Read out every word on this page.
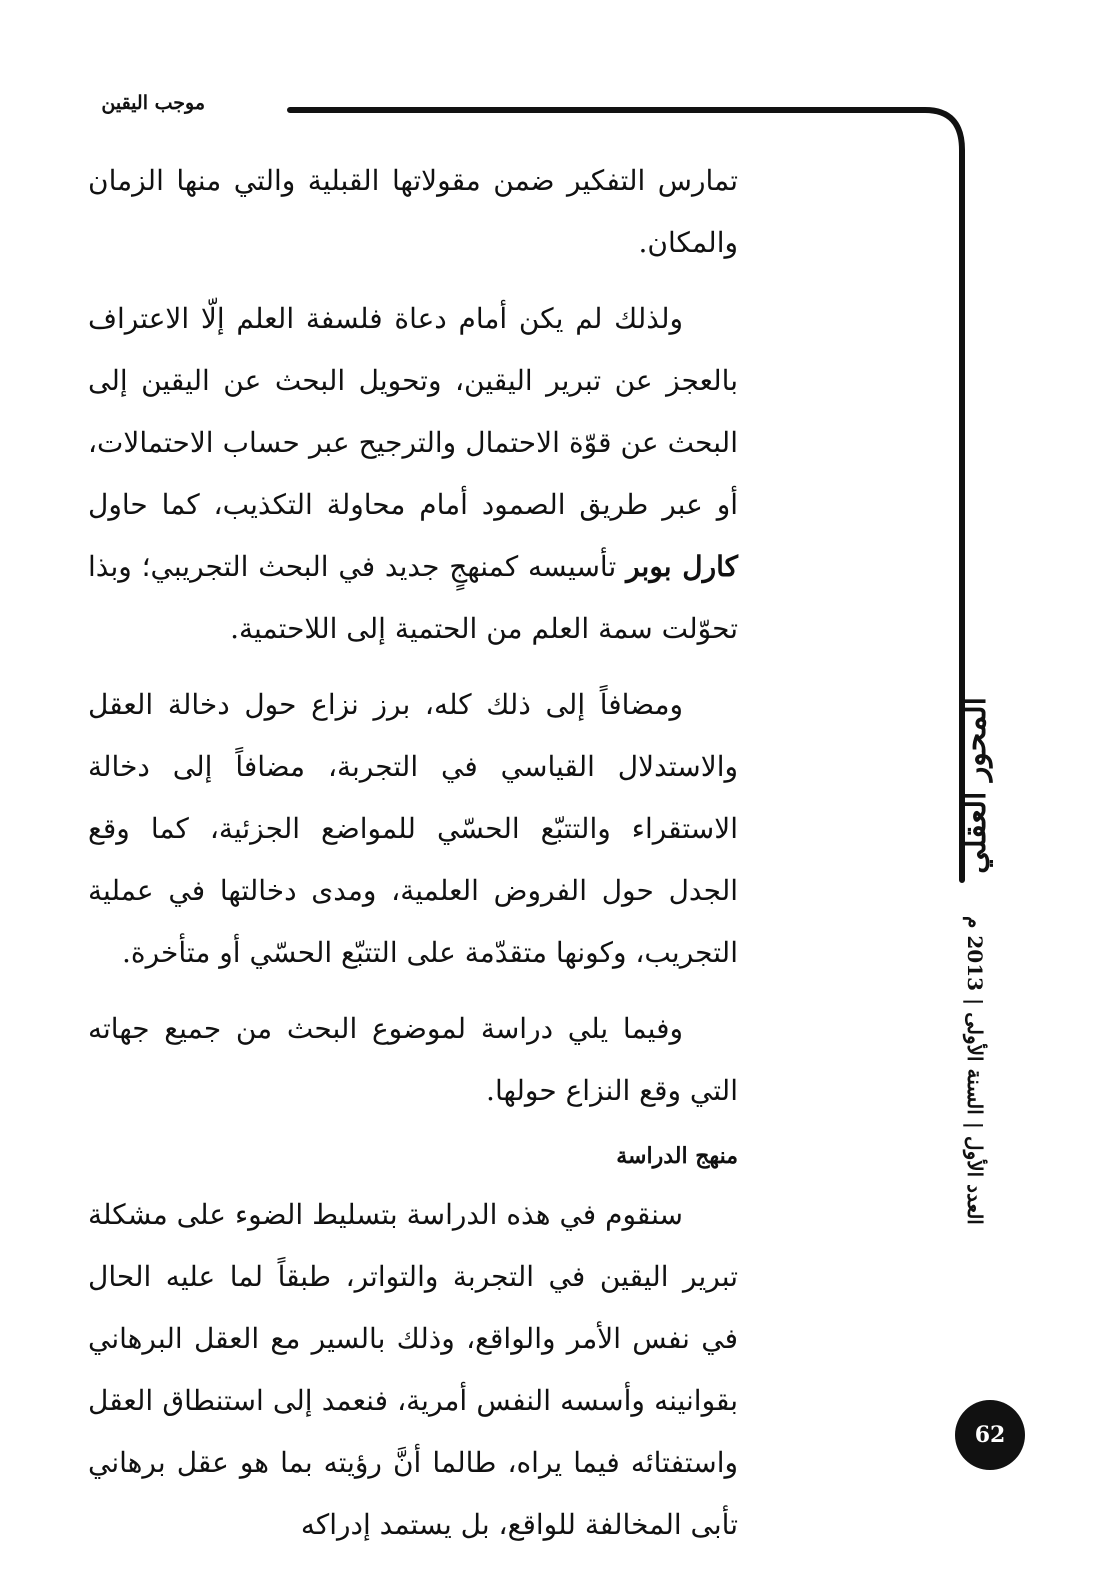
موجب اليقين

تمارس التفكير ضمن مقولاتها القبلية والتي منها الزمان والمكان.

ولذلك لم يكن أمام دعاة فلسفة العلم إلّا الاعتراف بالعجز عن تبرير اليقين، وتحويل البحث عن اليقين إلى البحث عن قوّة الاحتمال والترجيح عبر حساب الاحتمالات، أو عبر طريق الصمود أمام محاولة التكذيب، كما حاول كارل بوبر تأسيسه كمنهجٍ جديد في البحث التجريبي؛ وبذا تحوّلت سمة العلم من الحتمية إلى اللاحتمية.

ومضافاً إلى ذلك كله، برز نزاع حول دخالة العقل والاستدلال القياسي في التجربة، مضافاً إلى دخالة الاستقراء والتتبّع الحسّي للمواضع الجزئية، كما وقع الجدل حول الفروض العلمية، ومدى دخالتها في عملية التجريب، وكونها متقدّمة على التتبّع الحسّي أو متأخرة.

وفيما يلي دراسة لموضوع البحث من جميع جهاته التي وقع النزاع حولها.

منهج الدراسة

سنقوم في هذه الدراسة بتسليط الضوء على مشكلة تبرير اليقين في التجربة والتواتر، طبقاً لما عليه الحال في نفس الأمر والواقع، وذلك بالسير مع العقل البرهاني بقوانينه وأسسه النفس أمرية، فنعمد إلى استنطاق العقل واستفتائه فيما يراه، طالما أنَّ رؤيته بما هو عقل برهاني تأبى المخالفة للواقع، بل يستمد إدراكه

المحور العقلي
العدد الأول | السنة الأولى | 2013 م
62
